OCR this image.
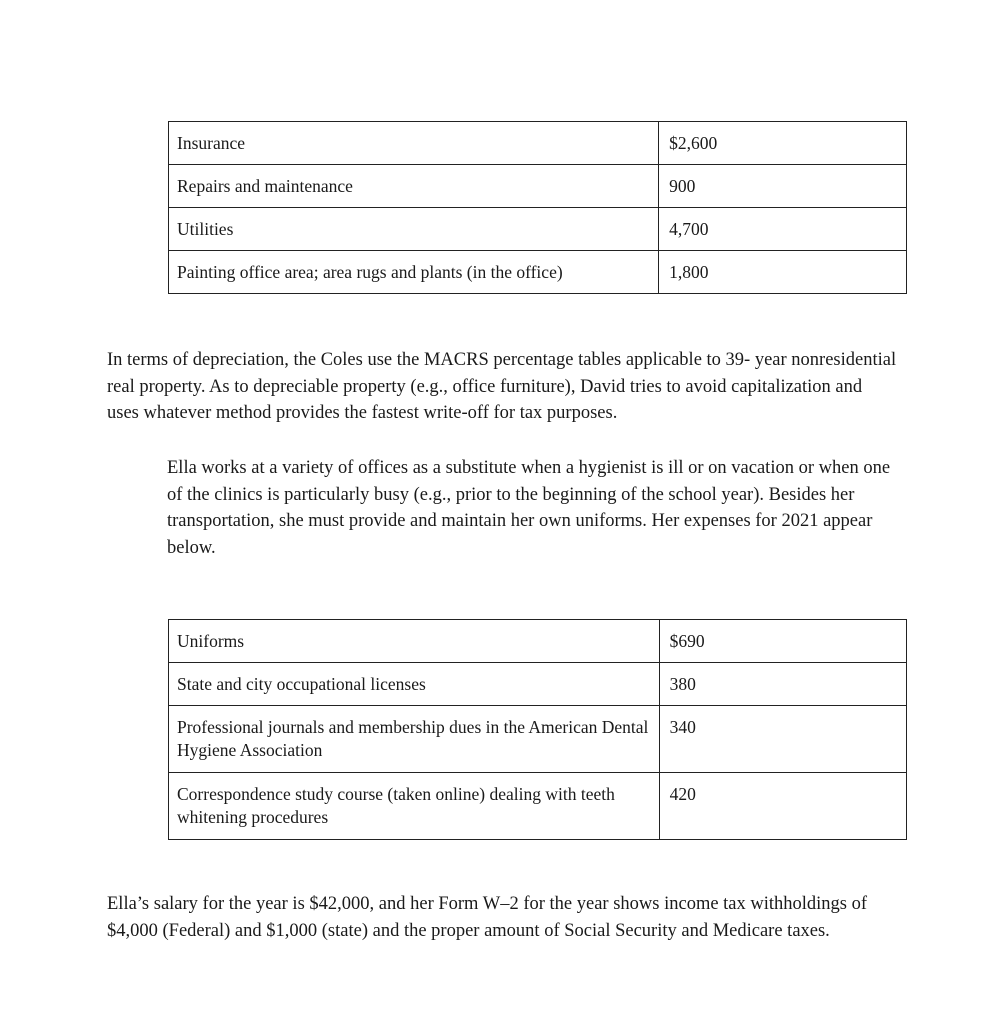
Insurance	$2,600
Repairs and maintenance	900
Utilities	4,700
Painting office area; area rugs and plants (in the office)	1,800

In terms of depreciation, the Coles use the MACRS percentage tables applicable to 39- year nonresidential real property. As to depreciable property (e.g., office furniture), David tries to avoid capitalization and uses whatever method provides the fastest write-off for tax purposes.

Ella works at a variety of offices as a substitute when a hygienist is ill or on vacation or when one of the clinics is particularly busy (e.g., prior to the beginning of the school year). Besides her transportation, she must provide and maintain her own uniforms. Her expenses for 2021 appear below.

Uniforms	$690
State and city occupational licenses	380
Professional journals and membership dues in the American Dental Hygiene Association	340
Correspondence study course (taken online) dealing with teeth whitening procedures	420

Ella’s salary for the year is $42,000, and her Form W–2 for the year shows income tax withholdings of $4,000 (Federal) and $1,000 (state) and the proper amount of Social Security and Medicare taxes.
